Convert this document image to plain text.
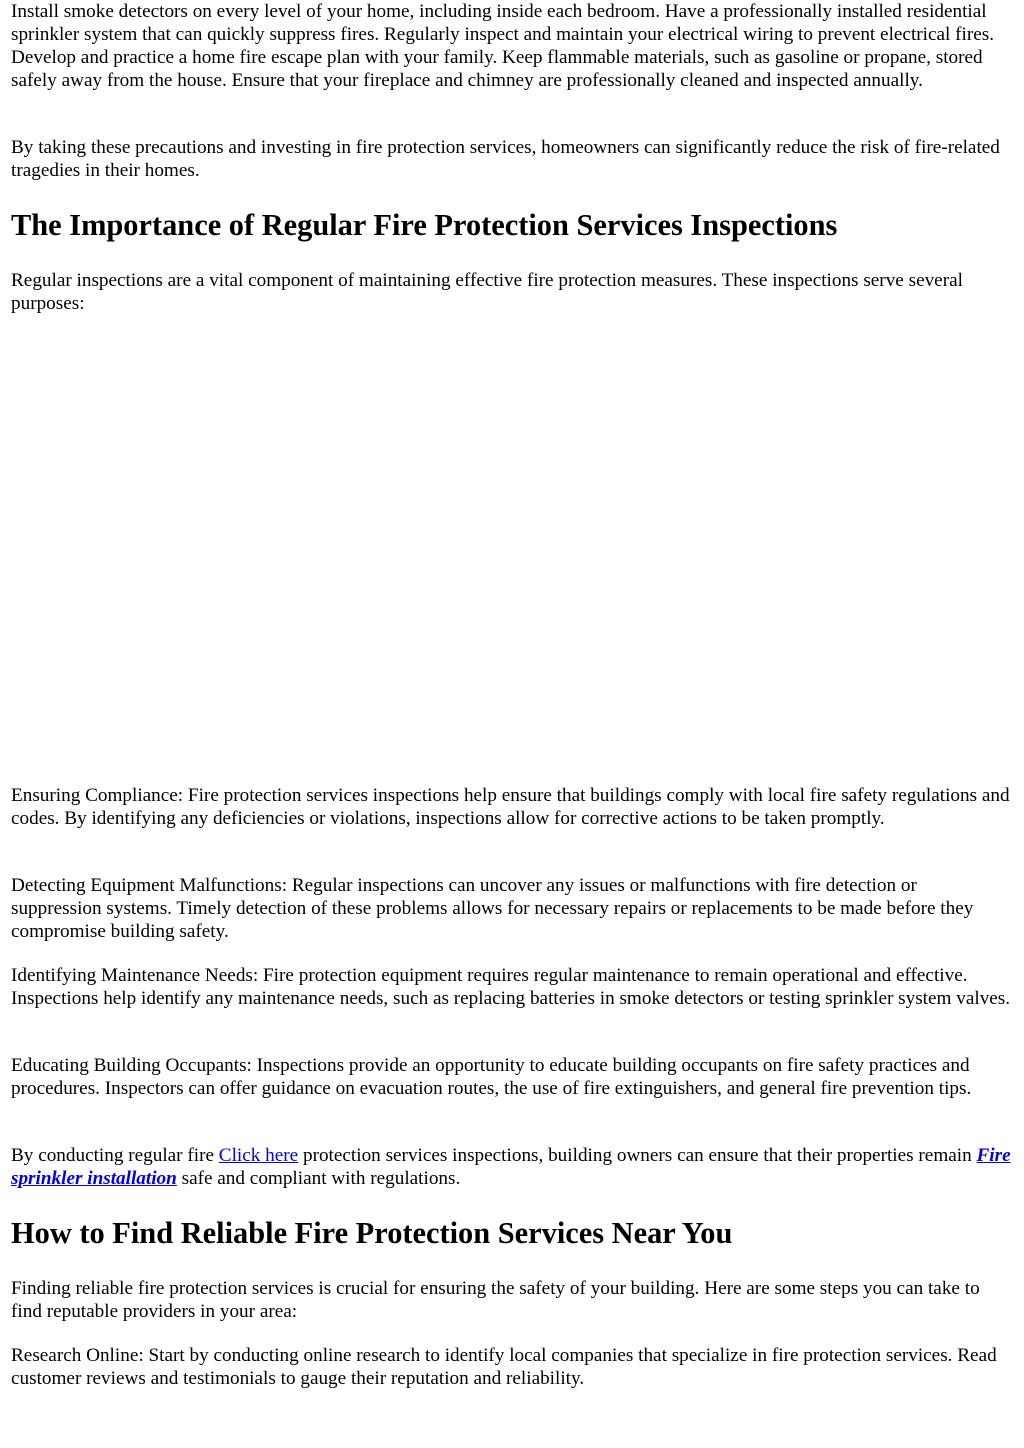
Install smoke detectors on every level of your home, including inside each bedroom. Have a professionally installed residential sprinkler system that can quickly suppress fires. Regularly inspect and maintain your electrical wiring to prevent electrical fires. Develop and practice a home fire escape plan with your family. Keep flammable materials, such as gasoline or propane, stored safely away from the house. Ensure that your fireplace and chimney are professionally cleaned and inspected annually.

By taking these precautions and investing in fire protection services, homeowners can significantly reduce the risk of fire-related tragedies in their homes.

The Importance of Regular Fire Protection Services Inspections

Regular inspections are a vital component of maintaining effective fire protection measures. These inspections serve several purposes:

Ensuring Compliance: Fire protection services inspections help ensure that buildings comply with local fire safety regulations and codes. By identifying any deficiencies or violations, inspections allow for corrective actions to be taken promptly.

Detecting Equipment Malfunctions: Regular inspections can uncover any issues or malfunctions with fire detection or suppression systems. Timely detection of these problems allows for necessary repairs or replacements to be made before they compromise building safety.

Identifying Maintenance Needs: Fire protection equipment requires regular maintenance to remain operational and effective. Inspections help identify any maintenance needs, such as replacing batteries in smoke detectors or testing sprinkler system valves.

Educating Building Occupants: Inspections provide an opportunity to educate building occupants on fire safety practices and procedures. Inspectors can offer guidance on evacuation routes, the use of fire extinguishers, and general fire prevention tips.

By conducting regular fire Click here protection services inspections, building owners can ensure that their properties remain Fire sprinkler installation safe and compliant with regulations.

How to Find Reliable Fire Protection Services Near You

Finding reliable fire protection services is crucial for ensuring the safety of your building. Here are some steps you can take to find reputable providers in your area:

Research Online: Start by conducting online research to identify local companies that specialize in fire protection services. Read customer reviews and testimonials to gauge their reputation and reliability.
